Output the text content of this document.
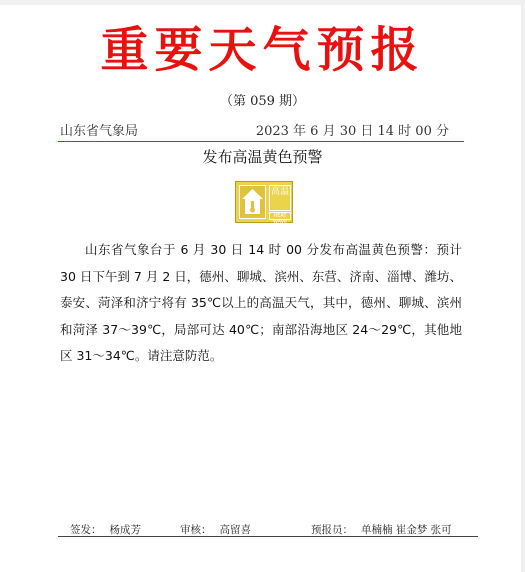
重要天气预报
（第 059 期）
山东省气象局	2023 年 6 月 30 日 14 时 00 分
发布高温黄色预警
高温
HEAT WAVE
山东省气象台于 6 月 30 日 14 时 00 分发布高温黄色预警：预计 30 日下午到 7 月 2 日，德州、聊城、滨州、东营、济南、淄博、潍坊、泰安、菏泽和济宁将有 35℃以上的高温天气，其中，德州、聊城、滨州和菏泽 37～39℃，局部可达 40℃；南部沿海地区 24～29℃，其他地区 31～34℃。请注意防范。
签发： 杨成芳	审核： 高留喜	预报员： 单楠楠 崔金梦 张可
